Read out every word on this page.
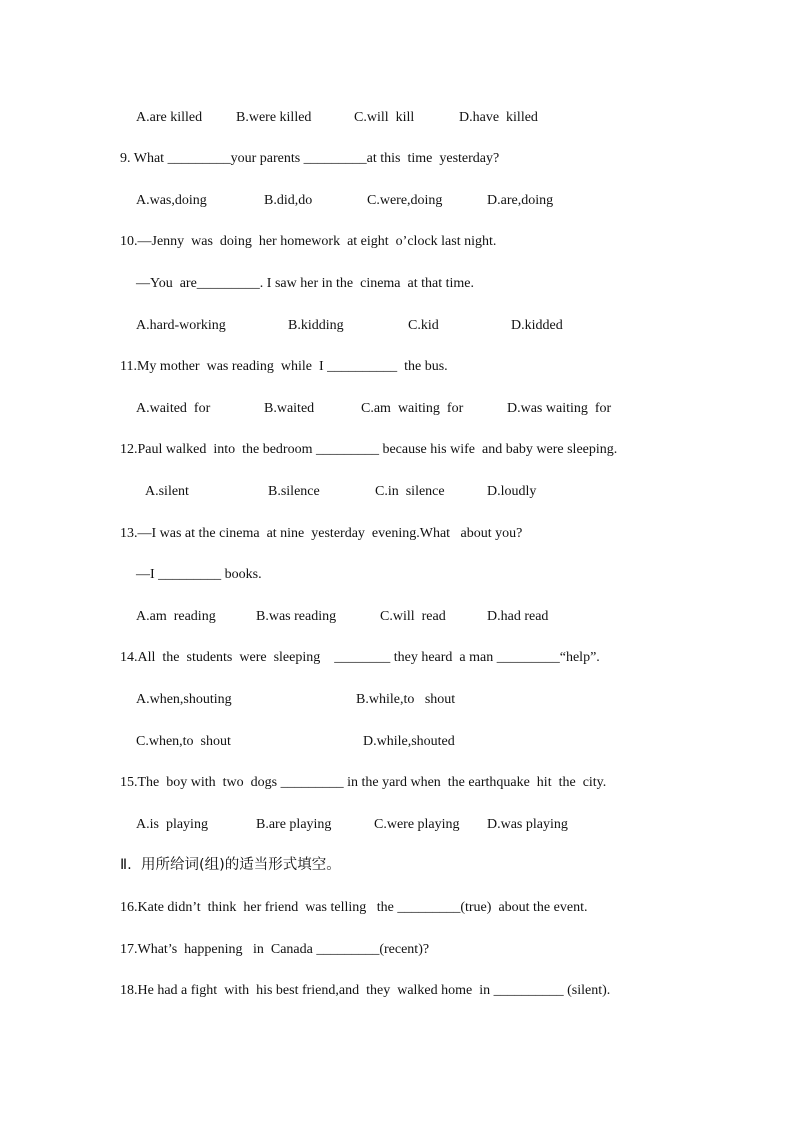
A.are killed B.were killed	C.will  kill	D.have  killed
9. What _________your parents _________at this  time  yesterday?
A.was,doing	B.did,do	C.were,doing	D.are,doing
10.—Jenny  was  doing  her homework  at eight  o’clock last night.
—You  are_________. I saw her in the  cinema  at that time.
A.hard-working	B.kidding	C.kid	D.kidded
11.My mother  was reading  while  I __________  the bus.
A.waited  for	B.waited	C.am  waiting  for	D.was waiting  for
12.Paul walked  into  the bedroom _________ because his wife  and baby were sleeping.
A.silent	B.silence	C.in  silence	D.loudly
13.—I was at the cinema  at nine  yesterday  evening.What   about you?
—I _________ books.
A.am  reading	B.was reading	C.will  read	D.had read
14.All  the  students  were  sleeping    ________ they heard  a man _________“help”.
A.when,shouting	B.while,to   shout
C.when,to  shout	D.while,shouted
15.The  boy with  two  dogs _________ in the yard when  the earthquake  hit  the  city.
A.is  playing	B.are playing	C.were playing D.was playing
Ⅱ.  用所给词(组)的适当形式填空。
16.Kate didn’t  think  her friend  was telling   the _________(true)  about the event.
17.What’s  happening   in  Canada _________(recent)?
18.He had a fight  with  his best friend,and  they  walked home  in __________ (silent).
